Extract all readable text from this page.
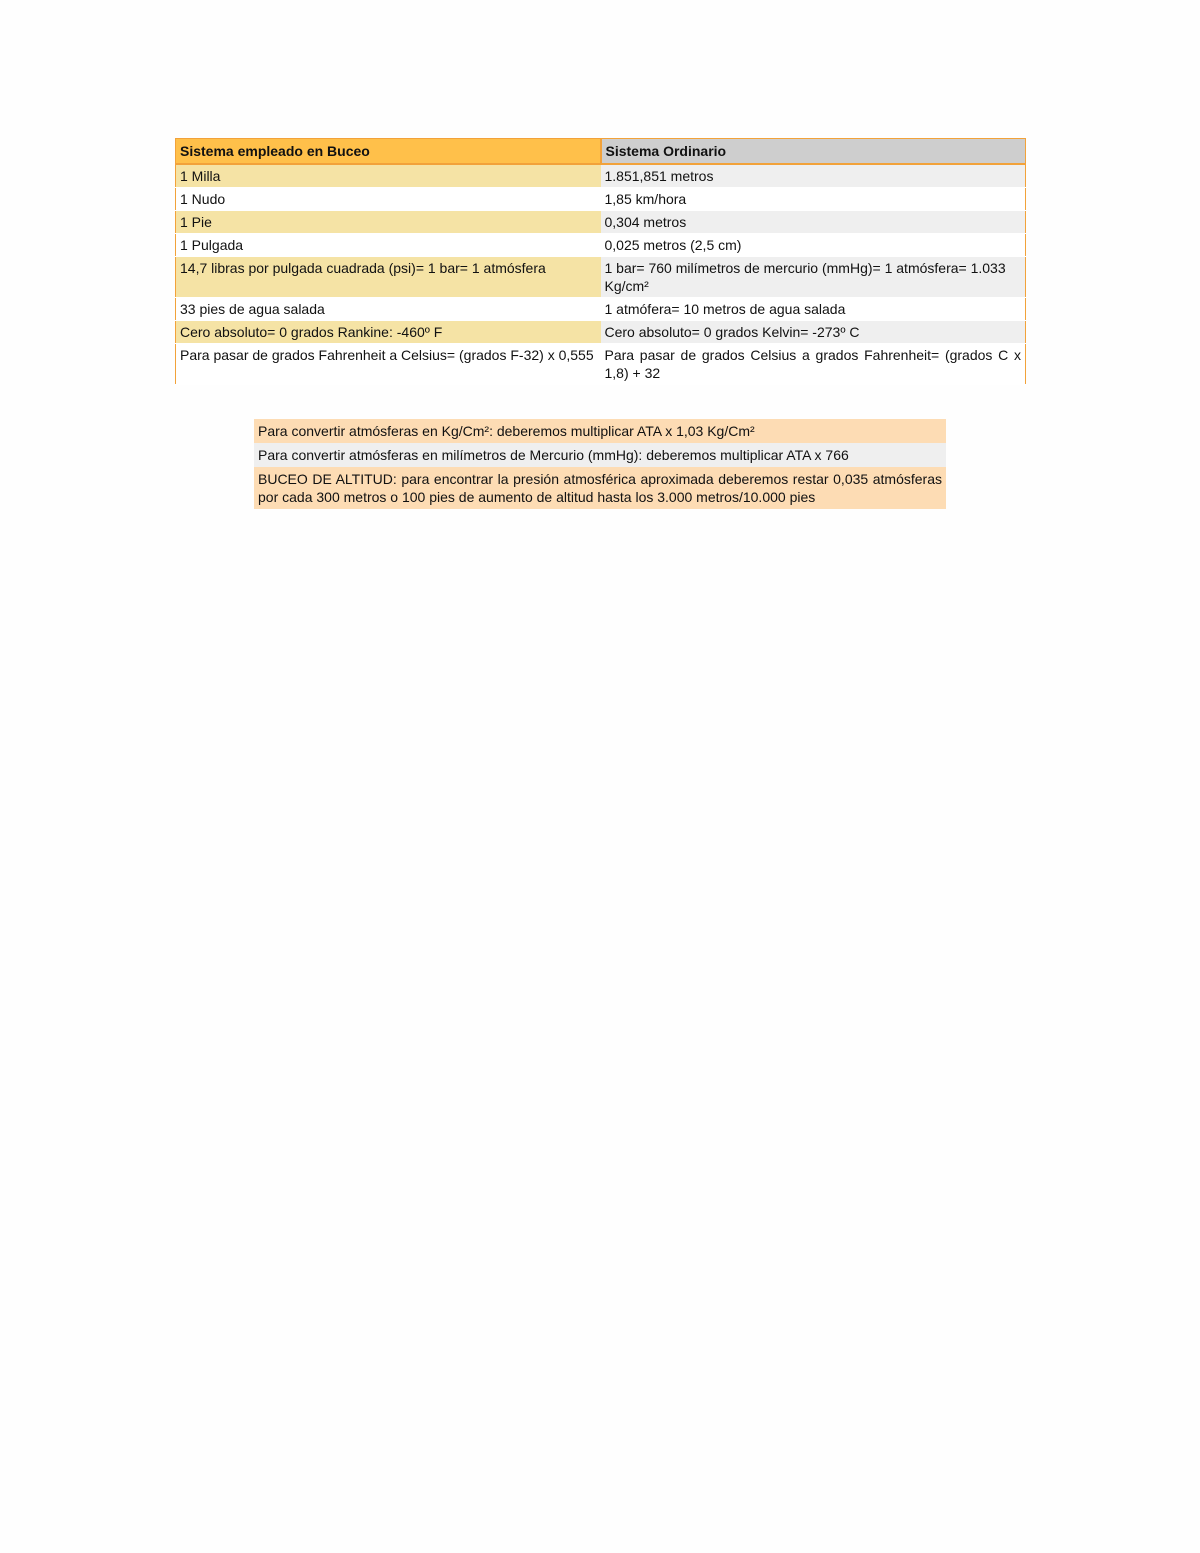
Sistema empleado en Buceo	Sistema Ordinario
1 Milla	1.851,851 metros
1 Nudo	1,85 km/hora
1 Pie	0,304 metros
1 Pulgada	0,025 metros (2,5 cm)
14,7 libras por pulgada cuadrada (psi)= 1 bar= 1 atmósfera	1 bar= 760 milímetros de mercurio (mmHg)= 1 atmósfera= 1.033 Kg/cm²
33 pies de agua salada	1 atmófera= 10 metros de agua salada
Cero absoluto= 0 grados Rankine: -460º F	Cero absoluto= 0 grados Kelvin= -273º C
Para pasar de grados Fahrenheit a Celsius= (grados F-32) x 0,555	Para pasar de grados Celsius a grados Fahrenheit= (grados C x 1,8) + 32
Para convertir atmósferas en Kg/Cm²: deberemos multiplicar ATA x 1,03 Kg/Cm²
Para convertir atmósferas en milímetros de Mercurio (mmHg): deberemos multiplicar ATA x 766
BUCEO DE ALTITUD: para encontrar la presión atmosférica aproximada deberemos restar 0,035 atmósferas por cada 300 metros o 100 pies de aumento de altitud hasta los 3.000 metros/10.000 pies
